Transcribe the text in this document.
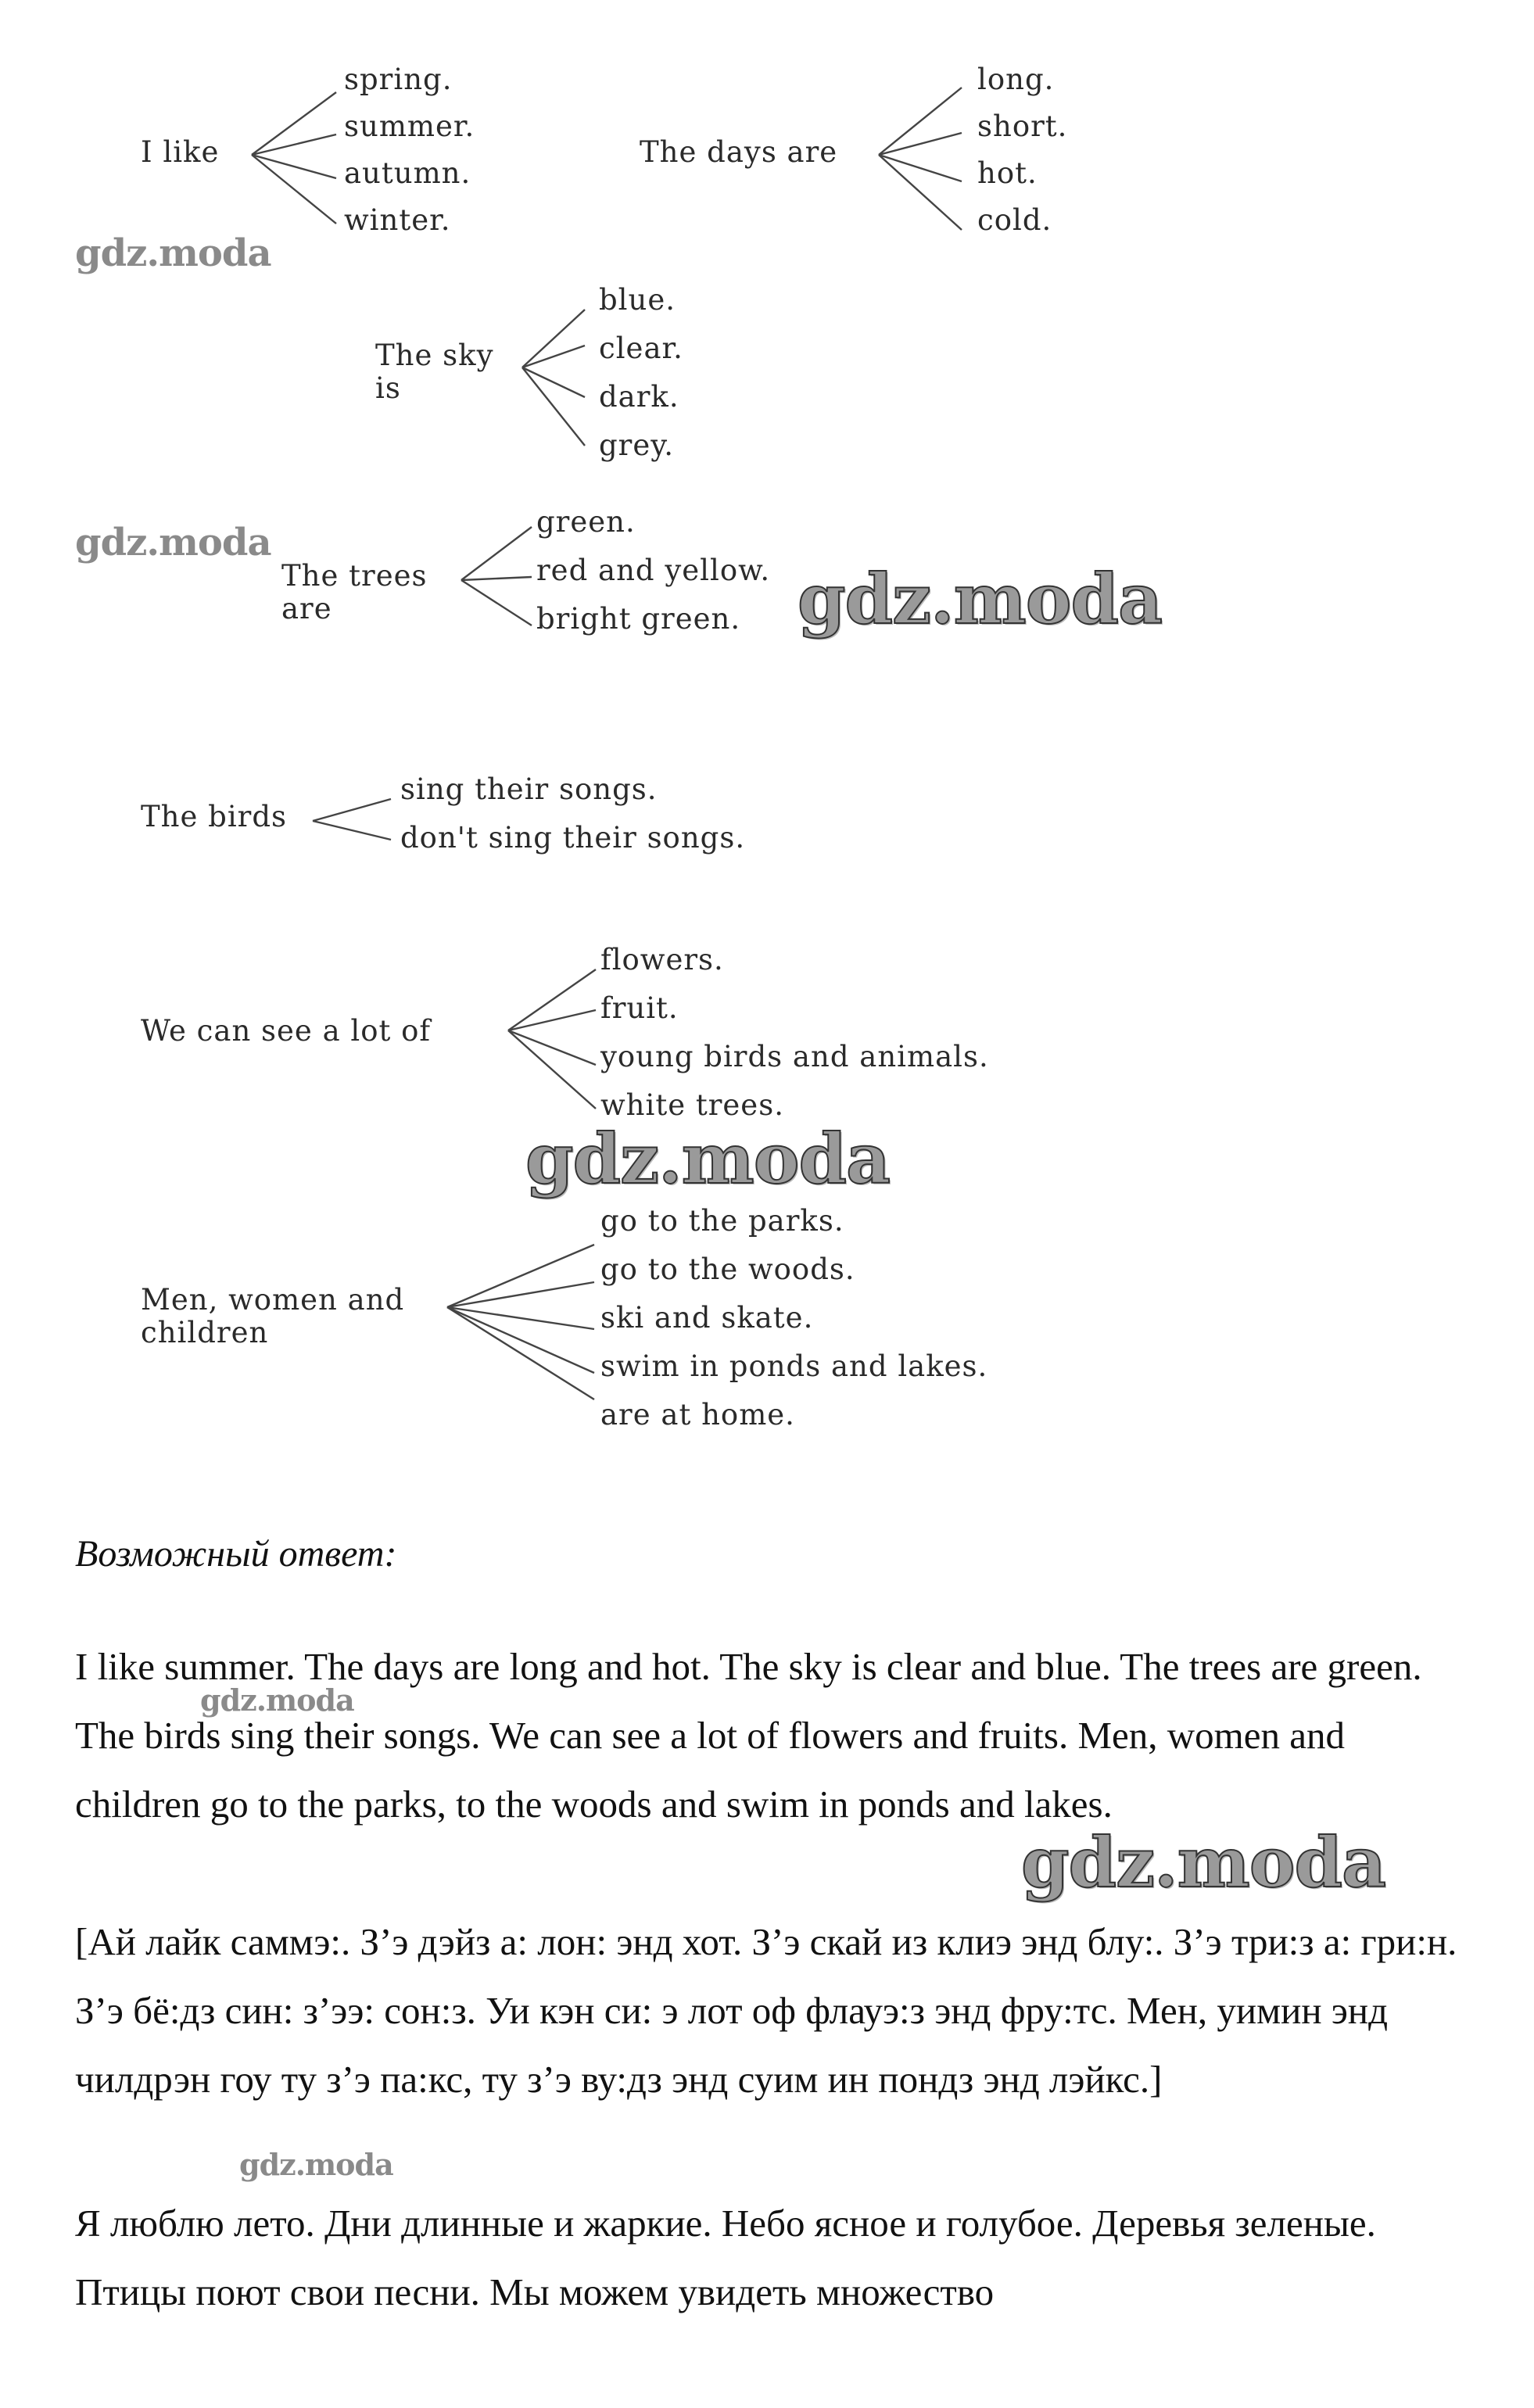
I like
spring.
summer.
autumn.
winter.
The days are
long.
short.
hot.
cold.
The sky
is
blue.
clear.
dark.
grey.
The trees
are
green.
red and yellow.
bright green.
The birds
sing their songs.
don't sing their songs.
We can see a lot of
flowers.
fruit.
young birds and animals.
white trees.
Men, women and
children
go to the parks.
go to the woods.
ski and skate.
swim in ponds and lakes.
are at home.
gdz.moda
gdz.moda
gdz.moda
gdz.moda
gdz.moda
gdz.moda
gdz.moda
Возможный ответ:
I like summer. The days are long and hot. The sky is clear and blue. The trees are green. The birds sing their songs. We can see a lot of flowers and fruits. Men, women and children go to the parks, to the woods and swim in ponds and lakes.
[Ай лайк саммэ:. З’э дэйз а: лон: энд хот. З’э скай из клиэ энд блу:. З’э три:з а: гри:н. З’э бё:дз син: з’ээ: сон:з. Уи кэн си: э лот оф флауэ:з энд фру:тс. Мен, уимин энд чилдрэн гоу ту з’э па:кс, ту з’э ву:дз энд суим ин пондз энд лэйкс.]
Я люблю лето. Дни длинные и жаркие. Небо ясное и голубое. Деревья зеленые. Птицы поют свои песни. Мы можем увидеть множество
